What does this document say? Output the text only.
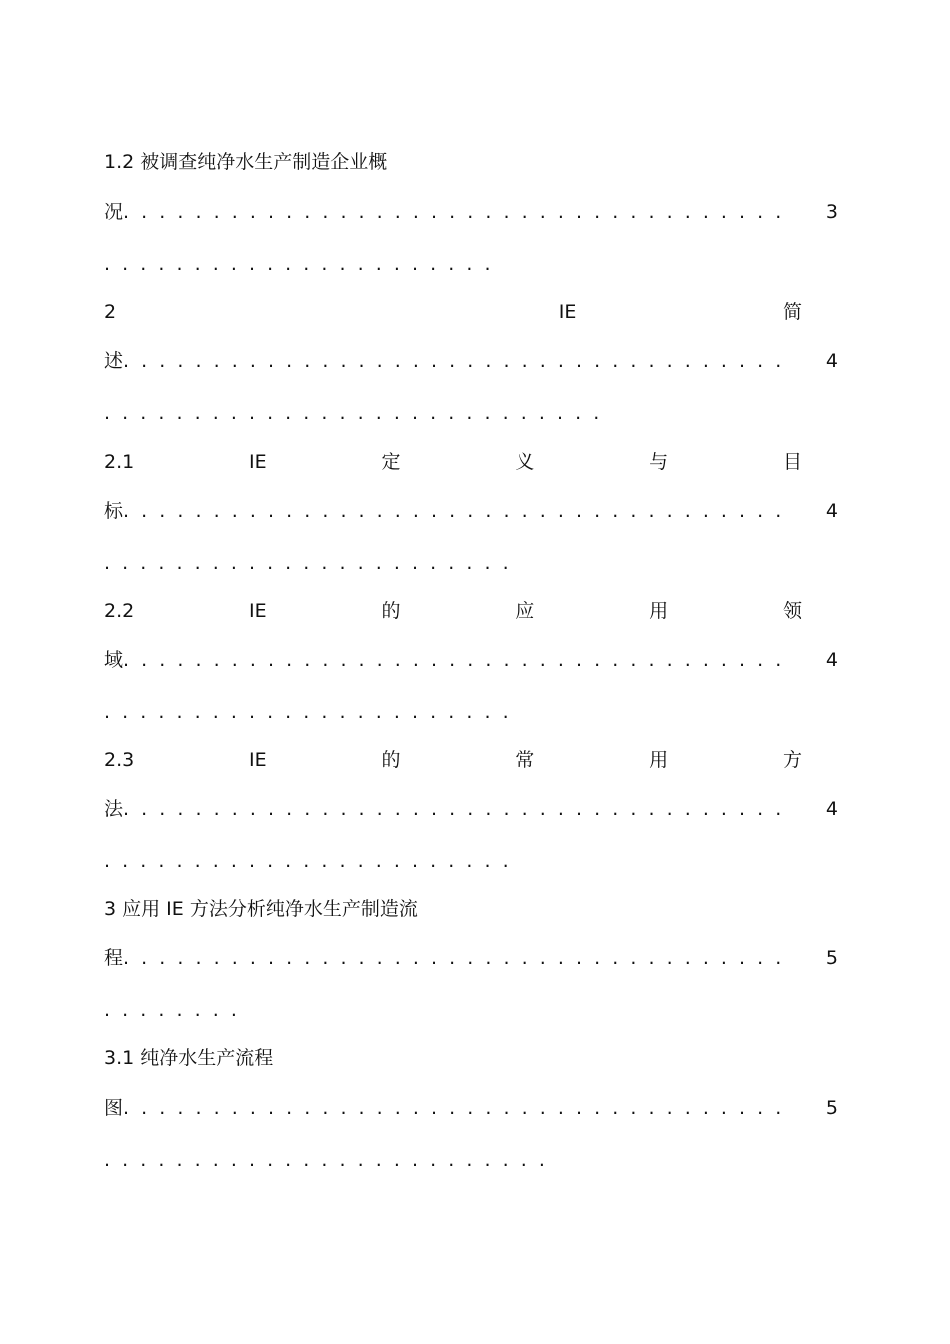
1.2 被调查纯净水生产制造企业概
况 .  .	3
.  .
2	IE	简
述 .  .	4
.  .
2.1	IE	定	义	与	目
标 .  .	4
.  .
2.2	IE	的	应	用	领
域 .  .	4
.  .
2.3	IE	的	常	用	方
法 .  .	4
.  .
3 应用 IE 方法分析纯净水生产制造流
程 .  .	5
.  .
3.1 纯净水生产流程
图 .  .	5
.  .
